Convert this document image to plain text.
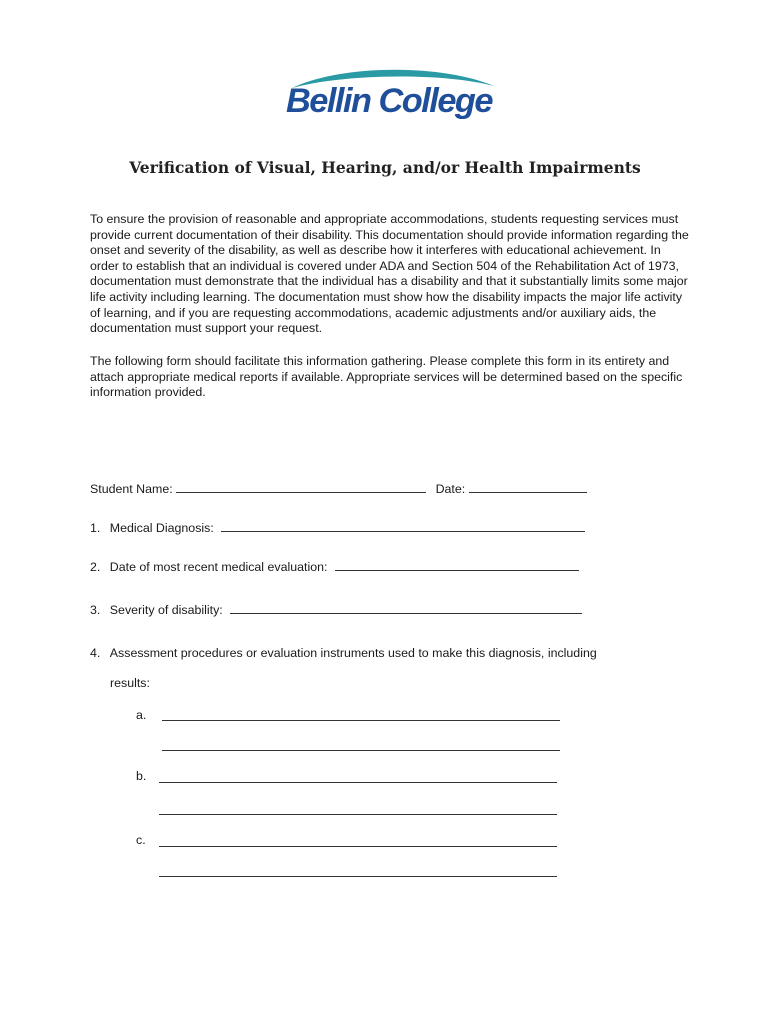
Bellin College
Verification of Visual, Hearing, and/or Health Impairments

To ensure the provision of reasonable and appropriate accommodations, students requesting services must provide current documentation of their disability. This documentation should provide information regarding the onset and severity of the disability, as well as describe how it interferes with educational achievement. In order to establish that an individual is covered under ADA and Section 504 of the Rehabilitation Act of 1973, documentation must demonstrate that the individual has a disability and that it substantially limits some major life activity including learning. The documentation must show how the disability impacts the major life activity of learning, and if you are requesting accommodations, academic adjustments and/or auxiliary aids, the documentation must support your request.

The following form should facilitate this information gathering. Please complete this form in its entirety and attach appropriate medical reports if available. Appropriate services will be determined based on the specific information provided.

Student Name:	Date:
1. Medical Diagnosis:
2. Date of most recent medical evaluation:
3. Severity of disability:
4. Assessment procedures or evaluation instruments used to make this diagnosis, including
results:
a.
b.
c.
